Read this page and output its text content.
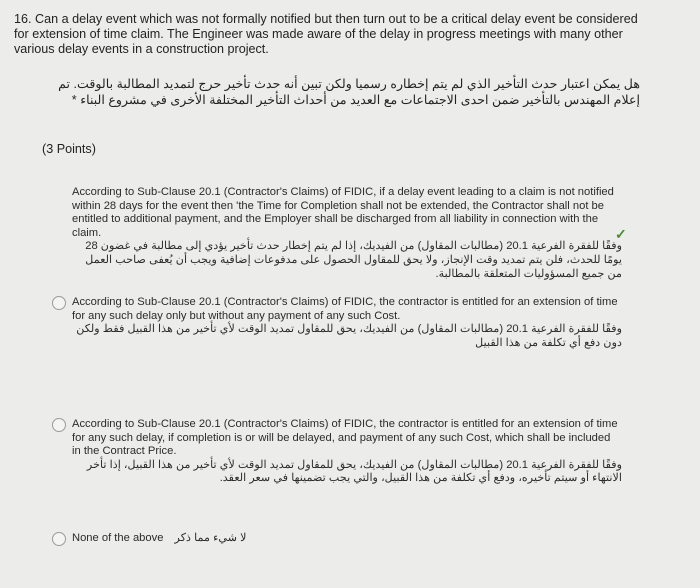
16. Can a delay event which was not formally notified but then turn out to be a critical delay event be considered for extension of time claim. The Engineer was made aware of the delay in progress meetings with many other various delay events in a construction project.
هل يمكن اعتبار حدث التأخير الذي لم يتم إخطاره رسميا ولكن تبين أنه حدث تأخير حرج لتمديد المطالبة بالوقت. تم إعلام المهندس بالتأخير ضمن احدى الاجتماعات مع العديد من أحداث التأخير المختلفة الأخرى في مشروع البناء *
(3 Points)
According to Sub-Clause 20.1 (Contractor's Claims) of FIDIC, if a delay event leading to a claim is not notified within 28 days for the event then 'the Time for Completion shall not be extended, the Contractor shall not be entitled to additional payment, and the Employer shall be discharged from all liability in connection with the claim.
وفقًا للفقرة الفرعية 20.1 (مطالبات المقاول) من الفيديك، إذا لم يتم إخطار حدث تأخير يؤدي إلى مطالبة في غضون 28 يومًا للحدث، فلن يتم تمديد وقت الإنجاز، ولا يحق للمقاول الحصول على مدفوعات إضافية ويجب أن يُعفى صاحب العمل من جميع المسؤوليات المتعلقة بالمطالبة.
✓
According to Sub-Clause 20.1 (Contractor's Claims) of FIDIC, the contractor is entitled for an extension of time for any such delay only but without any payment of any such Cost.
وفقًا للفقرة الفرعية 20.1 (مطالبات المقاول) من الفيديك، يحق للمقاول تمديد الوقت لأي تأخير من هذا القبيل فقط ولكن دون دفع أي تكلفة من هذا القبيل
According to Sub-Clause 20.1 (Contractor's Claims) of FIDIC, the contractor is entitled for an extension of time for any such delay, if completion is or will be delayed, and payment of any such Cost, which shall be included in the Contract Price.
وفقًا للفقرة الفرعية 20.1 (مطالبات المقاول) من الفيديك، يحق للمقاول تمديد الوقت لأي تأخير من هذا القبيل، إذا تأخر الانتهاء أو سيتم تأخيره، ودفع أي تكلفة من هذا القبيل، والتي يجب تضمينها في سعر العقد.
None of the above لا شيء مما ذكر
